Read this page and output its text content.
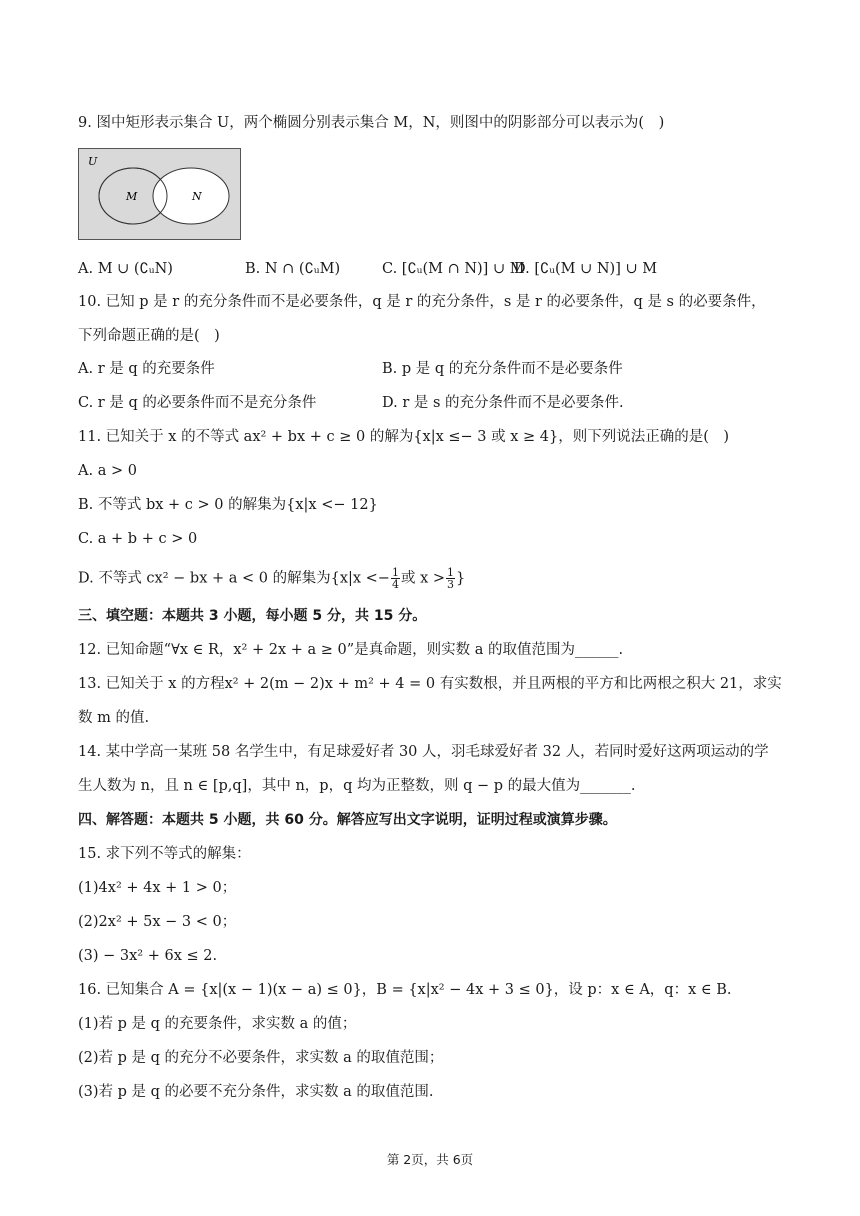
9. 图中矩形表示集合 U，两个椭圆分别表示集合 M，N，则图中的阴影部分可以表示为( )
U
M	N
A. M ∪ (∁ᵤN)	B. N ∩ (∁ᵤM)	C. [∁ᵤ(M ∩ N)] ∪ M
D. [∁ᵤ(M ∪ N)] ∪ M
10. 已知 p 是 r 的充分条件而不是必要条件，q 是 r 的充分条件，s 是 r 的必要条件，q 是 s 的必要条件，
下列命题正确的是( )
A. r 是 q 的充要条件	B. p 是 q 的充分条件而不是必要条件
C. r 是 q 的必要条件而不是充分条件	D. r 是 s 的充分条件而不是必要条件.
11. 已知关于 x 的不等式 ax² + bx + c ≥ 0 的解为{x|x ≤− 3 或 x ≥ 4}，则下列说法正确的是( )
A. a > 0
B. 不等式 bx + c > 0 的解集为{x|x <− 12}
C. a + b + c > 0
D. 不等式 cx² − bx + a < 0 的解集为{$x|x <- \frac{1}{4}$ 或 $x > \frac{1}{3}$ }
三、填空题：本题共 3 小题，每小题 5 分，共 15 分。
12. 已知命题“∀x ∈ R，x² + 2x + a ≥ 0”是真命题，则实数 a 的取值范围为______.
13. 已知关于 x 的方程x² + 2(m − 2)x + m² + 4 = 0 有实数根，并且两根的平方和比两根之积大 21，求实
数 m 的值.
14. 某中学高一某班 58 名学生中，有足球爱好者 30 人，羽毛球爱好者 32 人，若同时爱好这两项运动的学
生人数为 n，且 n ∈ [p,q]，其中 n，p，q 均为正整数，则 q − p 的最大值为_______.
四、解答题：本题共 5 小题，共 60 分。解答应写出文字说明，证明过程或演算步骤。
15. 求下列不等式的解集：
(1)4x² + 4x + 1 > 0；
(2)2x² + 5x − 3 < 0；
(3) − 3x² + 6x ≤ 2.
16. 已知集合 A = {x|(x − 1)(x − a) ≤ 0}，B = {x|x² − 4x + 3 ≤ 0}，设 p：x ∈ A，q：x ∈ B.
(1)若 p 是 q 的充要条件，求实数 a 的值；
(2)若 p 是 q 的充分不必要条件，求实数 a 的取值范围；
(3)若 p 是 q 的必要不充分条件，求实数 a 的取值范围.
第 2页，共 6页
